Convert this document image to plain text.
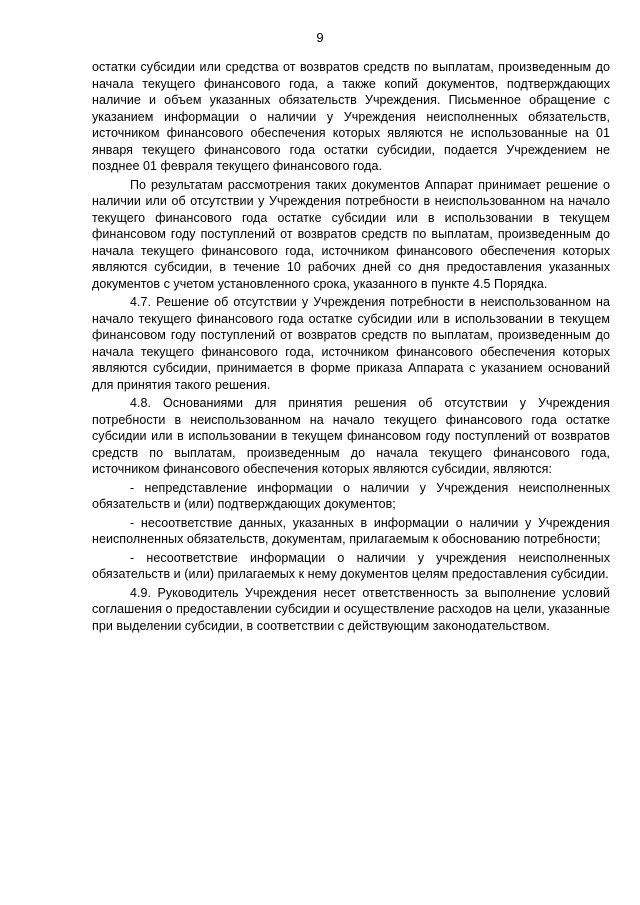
9

остатки субсидии или средства от возвратов средств по выплатам, произведенным до начала текущего финансового года, а также копий документов, подтверждающих наличие и объем указанных обязательств Учреждения. Письменное обращение с указанием информации о наличии у Учреждения неисполненных обязательств, источником финансового обеспечения которых являются не использованные на 01 января текущего финансового года остатки субсидии, подается Учреждением не позднее 01 февраля текущего финансового года.

По результатам рассмотрения таких документов Аппарат принимает решение о наличии или об отсутствии у Учреждения потребности в неиспользованном на начало текущего финансового года остатке субсидии или в использовании в текущем финансовом году поступлений от возвратов средств по выплатам, произведенным до начала текущего финансового года, источником финансового обеспечения которых являются субсидии, в течение 10 рабочих дней со дня предоставления указанных документов с учетом установленного срока, указанного в пункте 4.5 Порядка.

4.7. Решение об отсутствии у Учреждения потребности в неиспользованном на начало текущего финансового года остатке субсидии или в использовании в текущем финансовом году поступлений от возвратов средств по выплатам, произведенным до начала текущего финансового года, источником финансового обеспечения которых являются субсидии, принимается в форме приказа Аппарата с указанием оснований для принятия такого решения.

4.8. Основаниями для принятия решения об отсутствии у Учреждения потребности в неиспользованном на начало текущего финансового года остатке субсидии или в использовании в текущем финансовом году поступлений от возвратов средств по выплатам, произведенным до начала текущего финансового года, источником финансового обеспечения которых являются субсидии, являются:

- непредставление информации о наличии у Учреждения неисполненных обязательств и (или) подтверждающих документов;

- несоответствие данных, указанных в информации о наличии у Учреждения неисполненных обязательств, документам, прилагаемым к обоснованию потребности;

- несоответствие информации о наличии у учреждения неисполненных обязательств и (или) прилагаемых к нему документов целям предоставления субсидии.

4.9. Руководитель Учреждения несет ответственность за выполнение условий соглашения о предоставлении субсидии и осуществление расходов на цели, указанные при выделении субсидии, в соответствии с действующим законодательством.
